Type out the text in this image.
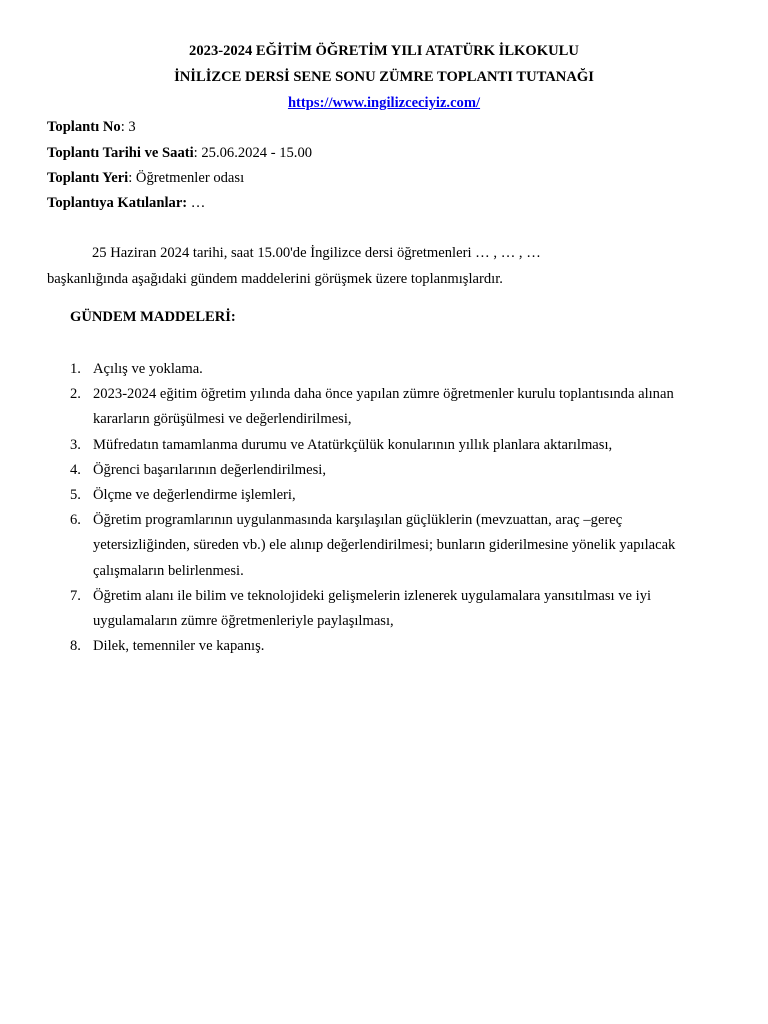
2023-2024 EĞİTİM ÖĞRETİM YILI ATATÜRK İLKOKULU
İNİLİZCE DERSİ SENE SONU ZÜMRE TOPLANTI TUTANAĞI
https://www.ingilizceciyiz.com/
Toplantı No: 3
Toplantı Tarihi ve Saati: 25.06.2024 - 15.00
Toplantı Yeri: Öğretmenler odası
Toplantıya Katılanlar: …
25 Haziran 2024 tarihi, saat 15.00'de İngilizce dersi öğretmenleri … , … , …
başkanlığında aşağıdaki gündem maddelerini görüşmek üzere toplanmışlardır.
GÜNDEM MADDELERİ:
1. Açılış ve yoklama.
2. 2023-2024 eğitim öğretim yılında daha önce yapılan zümre öğretmenler kurulu toplantısında alınan kararların görüşülmesi ve değerlendirilmesi,
3. Müfredatın tamamlanma durumu ve Atatürkçülük konularının yıllık planlara aktarılması,
4. Öğrenci başarılarının değerlendirilmesi,
5. Ölçme ve değerlendirme işlemleri,
6. Öğretim programlarının uygulanmasında karşılaşılan güçlüklerin (mevzuattan, araç –gereç yetersizliğinden, süreden vb.) ele alınıp değerlendirilmesi; bunların giderilmesine yönelik yapılacak çalışmaların belirlenmesi.
7. Öğretim alanı ile bilim ve teknolojideki gelişmelerin izlenerek uygulamalara yansıtılması ve iyi uygulamaların zümre öğretmenleriyle paylaşılması,
8. Dilek, temenniler ve kapanış.
